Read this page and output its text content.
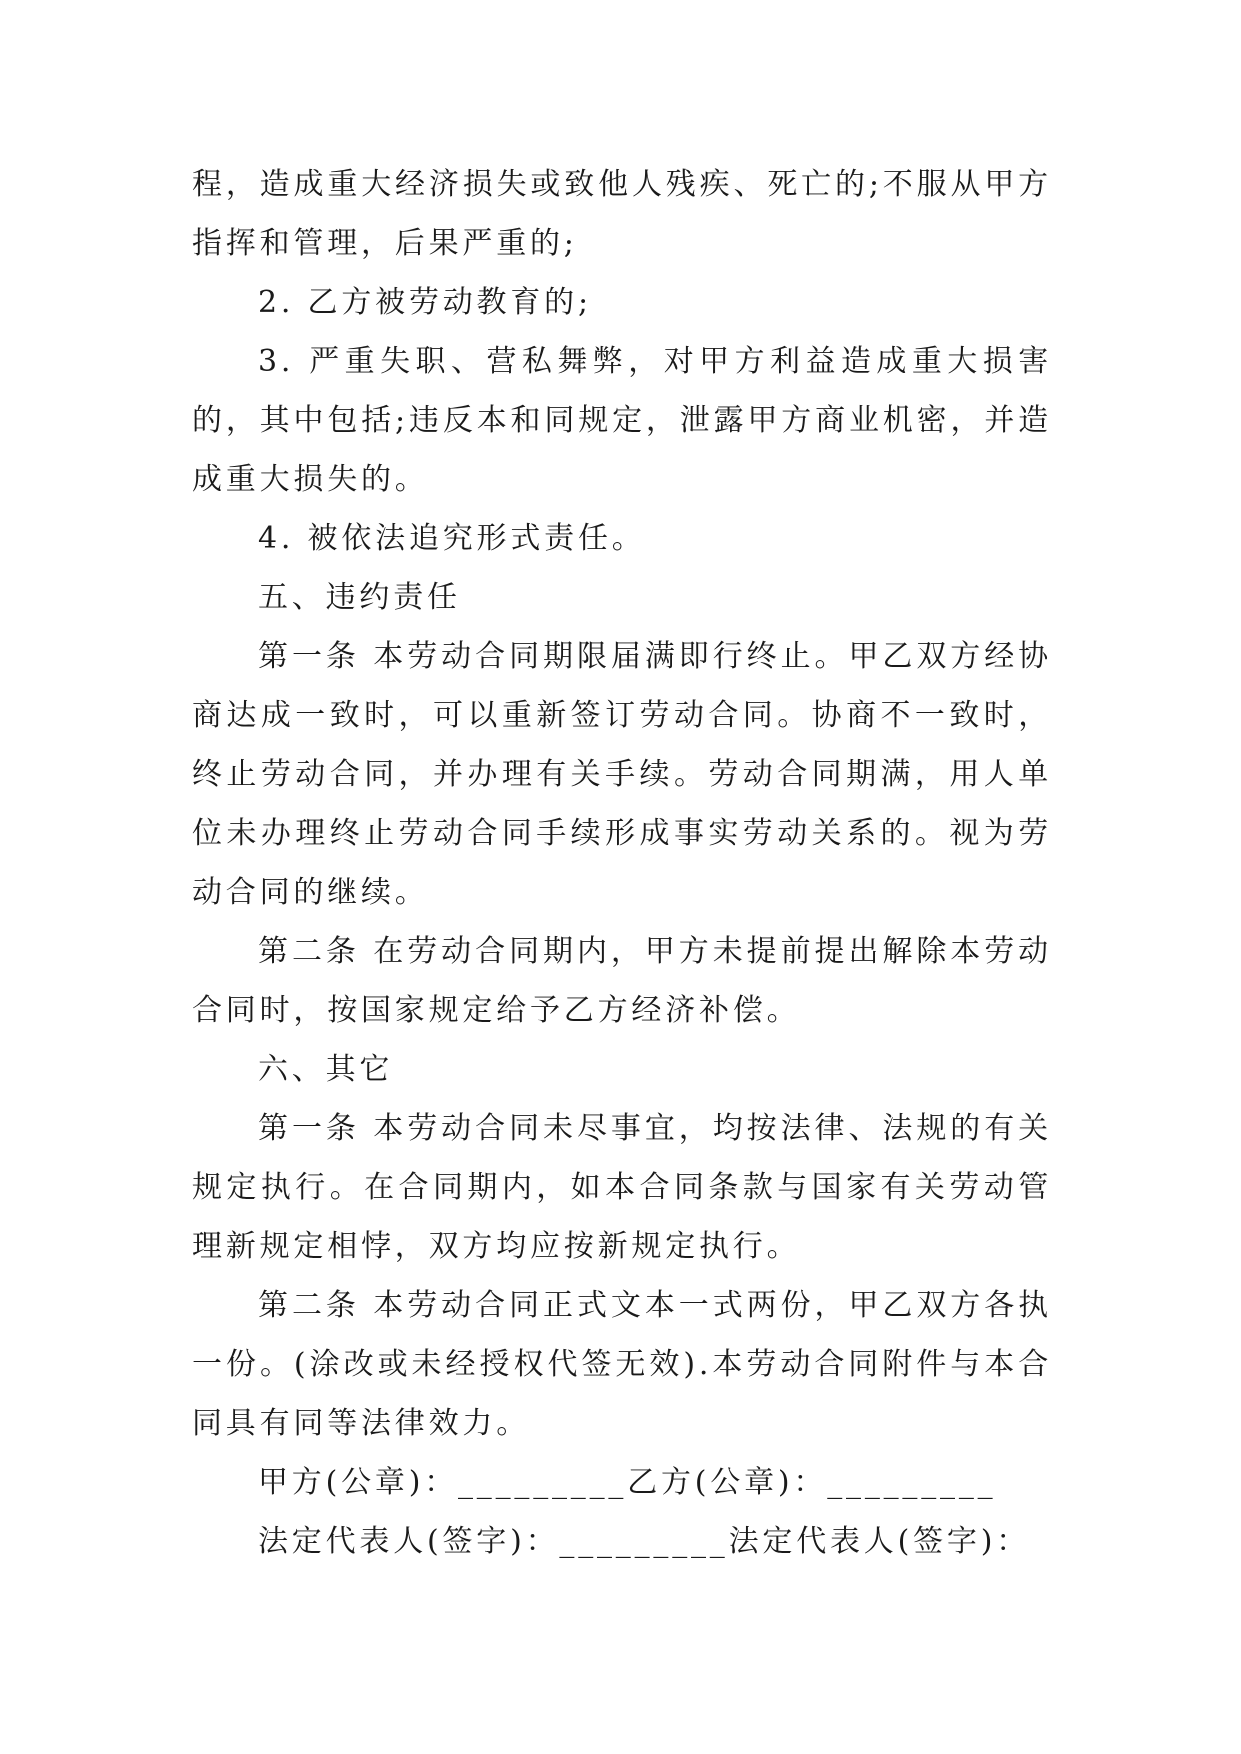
程，造成重大经济损失或致他人残疾、死亡的;不服从甲方指挥和管理，后果严重的;

2. 乙方被劳动教育的;

3. 严重失职、营私舞弊，对甲方利益造成重大损害的，其中包括;违反本和同规定，泄露甲方商业机密，并造成重大损失的。

4. 被依法追究形式责任。

五、违约责任

第一条 本劳动合同期限届满即行终止。甲乙双方经协商达成一致时，可以重新签订劳动合同。协商不一致时，终止劳动合同，并办理有关手续。劳动合同期满，用人单位未办理终止劳动合同手续形成事实劳动关系的。视为劳动合同的继续。

第二条 在劳动合同期内，甲方未提前提出解除本劳动合同时，按国家规定给予乙方经济补偿。

六、其它

第一条 本劳动合同未尽事宜，均按法律、法规的有关规定执行。在合同期内，如本合同条款与国家有关劳动管理新规定相悖，双方均应按新规定执行。

第二条 本劳动合同正式文本一式两份，甲乙双方各执一份。(涂改或未经授权代签无效).本劳动合同附件与本合同具有同等法律效力。

甲方(公章)：_________乙方(公章)：_________

法定代表人(签字)：_________法定代表人(签字)：
